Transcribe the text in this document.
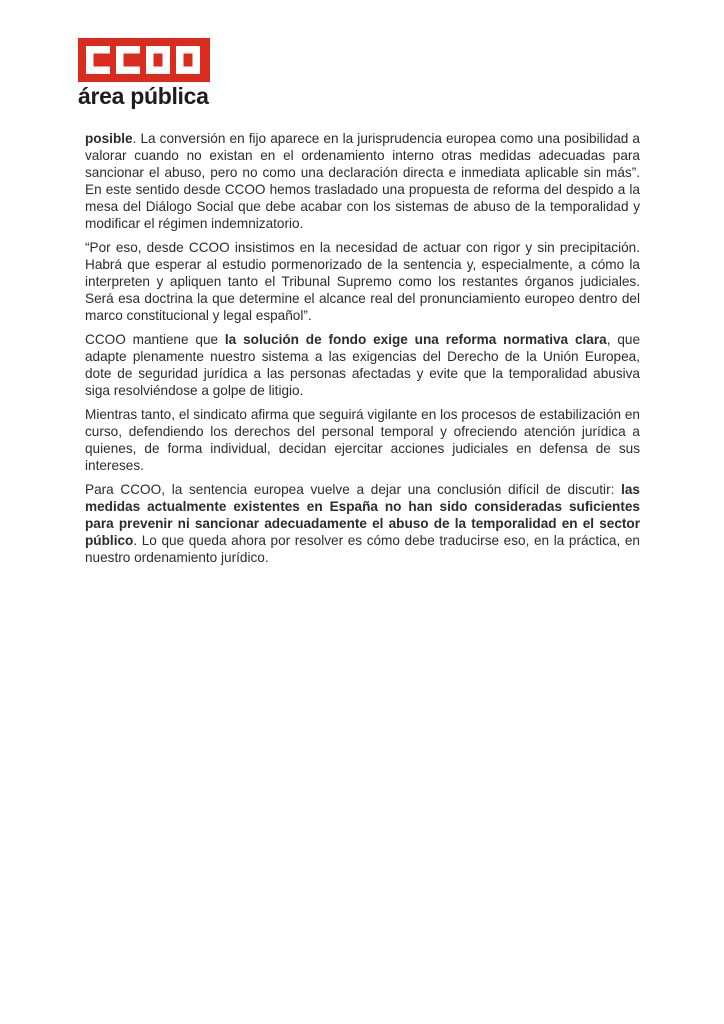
área pública

posible. La conversión en fijo aparece en la jurisprudencia europea como una posibilidad a valorar cuando no existan en el ordenamiento interno otras medidas adecuadas para sancionar el abuso, pero no como una declaración directa e inmediata aplicable sin más”. En este sentido desde CCOO hemos trasladado una propuesta de reforma del despido a la mesa del Diálogo Social que debe acabar con los sistemas de abuso de la temporalidad y modificar el régimen indemnizatorio.

“Por eso, desde CCOO insistimos en la necesidad de actuar con rigor y sin precipitación. Habrá que esperar al estudio pormenorizado de la sentencia y, especialmente, a cómo la interpreten y apliquen tanto el Tribunal Supremo como los restantes órganos judiciales. Será esa doctrina la que determine el alcance real del pronunciamiento europeo dentro del marco constitucional y legal español”.

CCOO mantiene que la solución de fondo exige una reforma normativa clara, que adapte plenamente nuestro sistema a las exigencias del Derecho de la Unión Europea, dote de seguridad jurídica a las personas afectadas y evite que la temporalidad abusiva siga resolviéndose a golpe de litigio.

Mientras tanto, el sindicato afirma que seguirá vigilante en los procesos de estabilización en curso, defendiendo los derechos del personal temporal y ofreciendo atención jurídica a quienes, de forma individual, decidan ejercitar acciones judiciales en defensa de sus intereses.

Para CCOO, la sentencia europea vuelve a dejar una conclusión difícil de discutir: las medidas actualmente existentes en España no han sido consideradas suficientes para prevenir ni sancionar adecuadamente el abuso de la temporalidad en el sector público. Lo que queda ahora por resolver es cómo debe traducirse eso, en la práctica, en nuestro ordenamiento jurídico.
